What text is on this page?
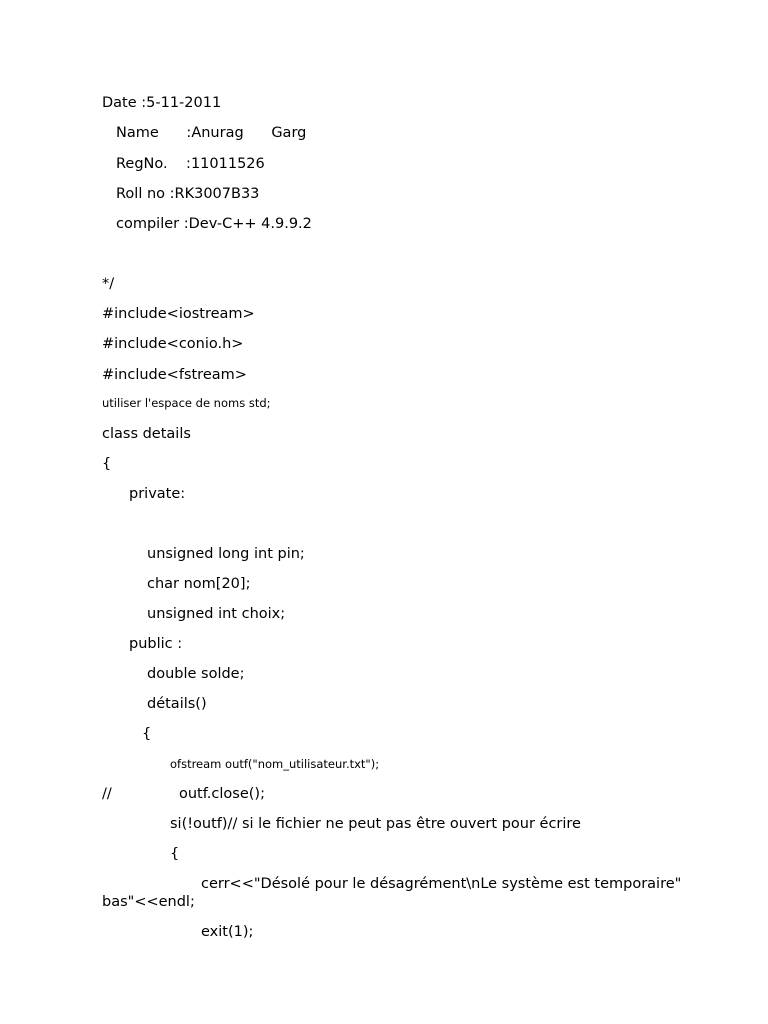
Date :5-11-2011
Name      :Anurag      Garg
RegNo.    :11011526
Roll no :RK3007B33
compiler :Dev-C++ 4.9.9.2
*/
#include<iostream>
#include<conio.h>
#include<fstream>
utiliser l'espace de noms std;
class details
{
private:
unsigned long int pin;
char nom[20];
unsigned int choix;
public :
double solde;
détails()
{
ofstream outf("nom_utilisateur.txt");
//	outf.close();
si(!outf)// si le fichier ne peut pas être ouvert pour écrire
{
cerr<<"Désolé pour le désagrément\nLe système est temporaire"
bas"<<endl;
exit(1);
